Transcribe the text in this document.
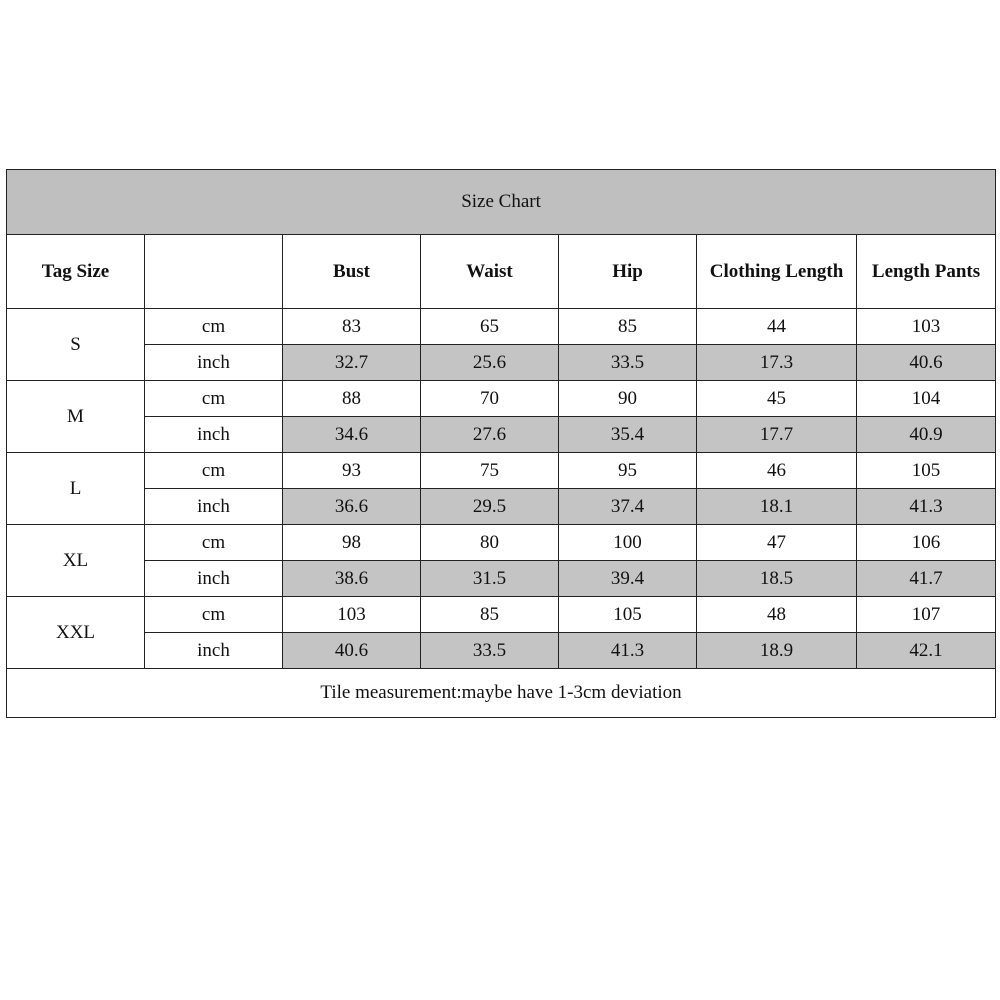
Size Chart						
Tag Size		Bust	Waist	Hip	Clothing Length	Length Pants
S	cm	83	65	85	44	103
	inch	32.7	25.6	33.5	17.3	40.6
M	cm	88	70	90	45	104
	inch	34.6	27.6	35.4	17.7	40.9
L	cm	93	75	95	46	105
	inch	36.6	29.5	37.4	18.1	41.3
XL	cm	98	80	100	47	106
	inch	38.6	31.5	39.4	18.5	41.7
XXL	cm	103	85	105	48	107
	inch	40.6	33.5	41.3	18.9	42.1
Tile measurement:maybe have 1-3cm deviation						
